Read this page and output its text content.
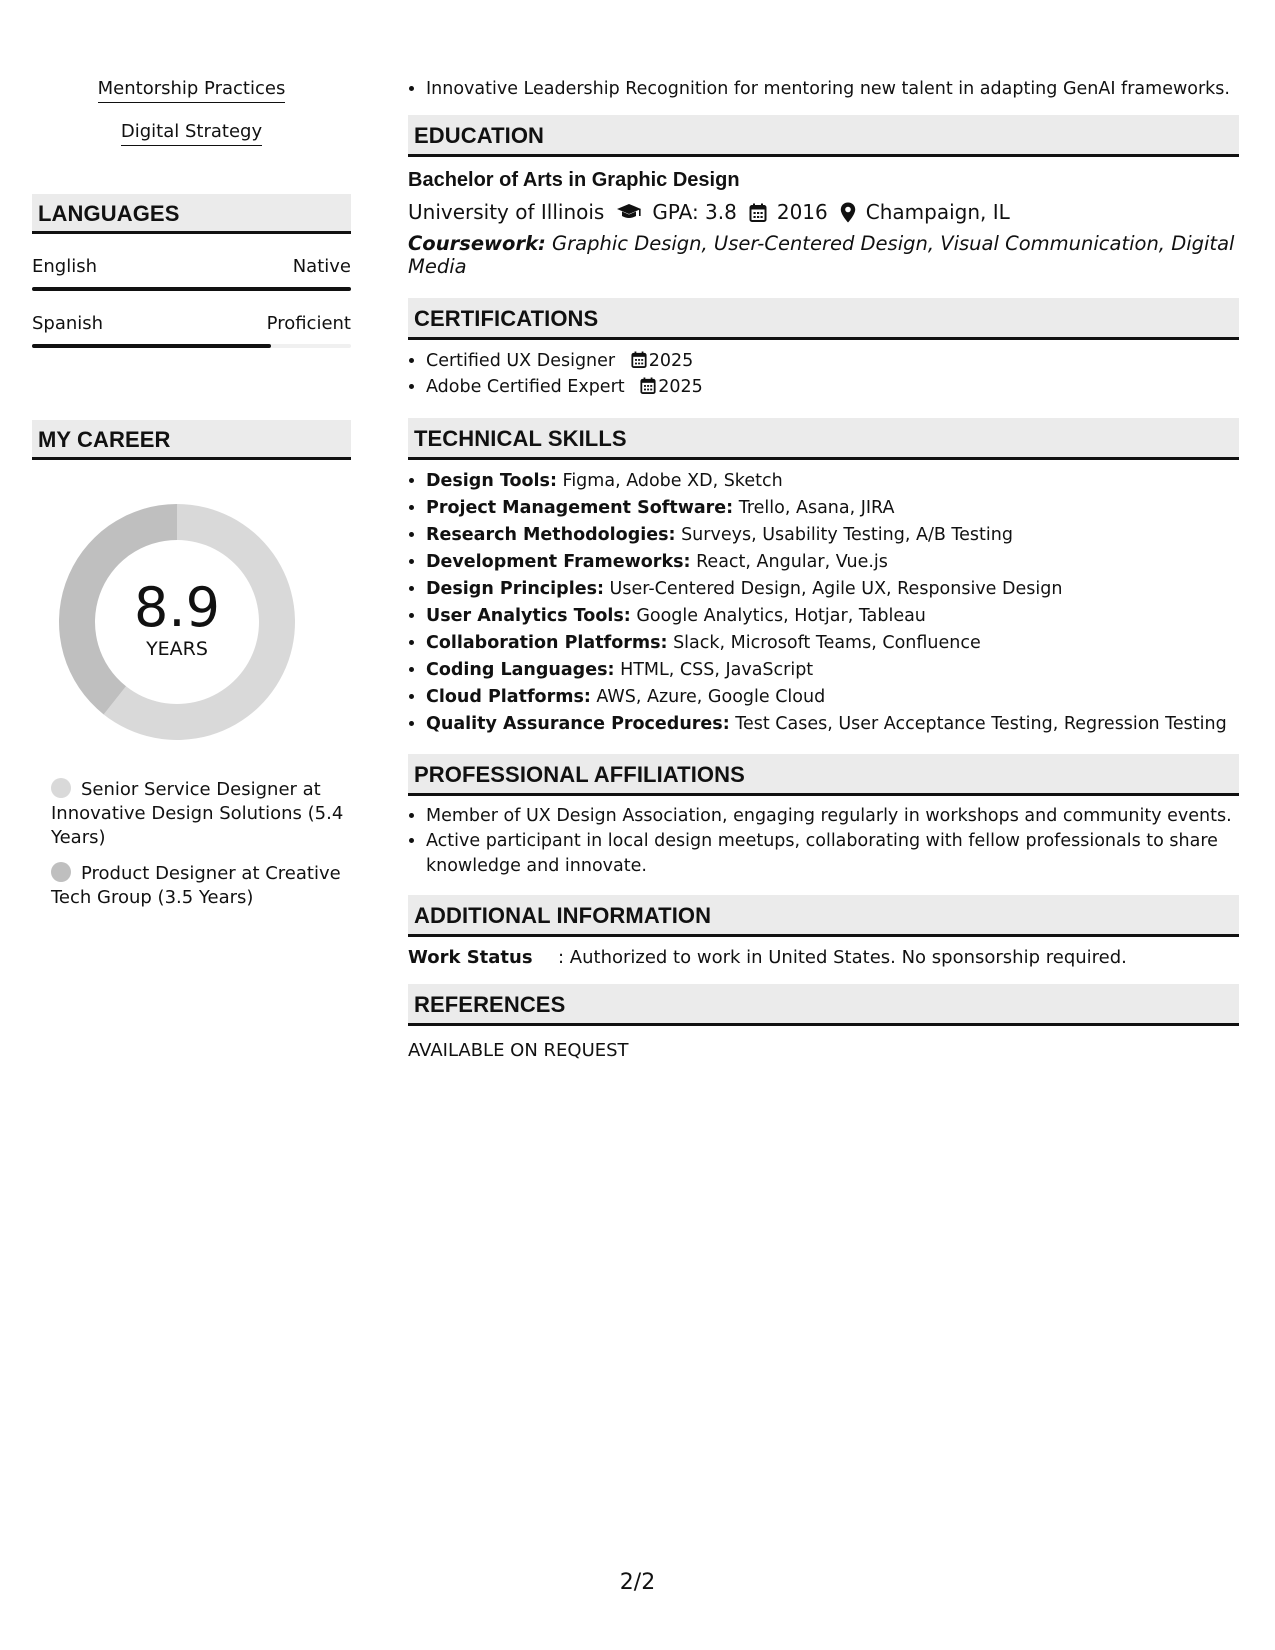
Mentorship Practices
Digital Strategy
LANGUAGES
English	Native
Spanish	Proficient
MY CAREER
8.9
YEARS
Senior Service Designer at Innovative Design Solutions (5.4 Years)
Product Designer at Creative Tech Group (3.5 Years)
• Innovative Leadership Recognition for mentoring new talent in adapting GenAI frameworks.
EDUCATION
Bachelor of Arts in Graphic Design
University of Illinois GPA: 3.8 2016 Champaign, IL
Coursework: Graphic Design, User-Centered Design, Visual Communication, Digital Media
CERTIFICATIONS
• Certified UX Designer 2025
• Adobe Certified Expert 2025
TECHNICAL SKILLS
• Design Tools: Figma, Adobe XD, Sketch
• Project Management Software: Trello, Asana, JIRA
• Research Methodologies: Surveys, Usability Testing, A/B Testing
• Development Frameworks: React, Angular, Vue.js
• Design Principles: User-Centered Design, Agile UX, Responsive Design
• User Analytics Tools: Google Analytics, Hotjar, Tableau
• Collaboration Platforms: Slack, Microsoft Teams, Confluence
• Coding Languages: HTML, CSS, JavaScript
• Cloud Platforms: AWS, Azure, Google Cloud
• Quality Assurance Procedures: Test Cases, User Acceptance Testing, Regression Testing
PROFESSIONAL AFFILIATIONS
• Member of UX Design Association, engaging regularly in workshops and community events.
• Active participant in local design meetups, collaborating with fellow professionals to share knowledge and innovate.
ADDITIONAL INFORMATION
Work Status	: Authorized to work in United States. No sponsorship required.
REFERENCES
AVAILABLE ON REQUEST
2/2
